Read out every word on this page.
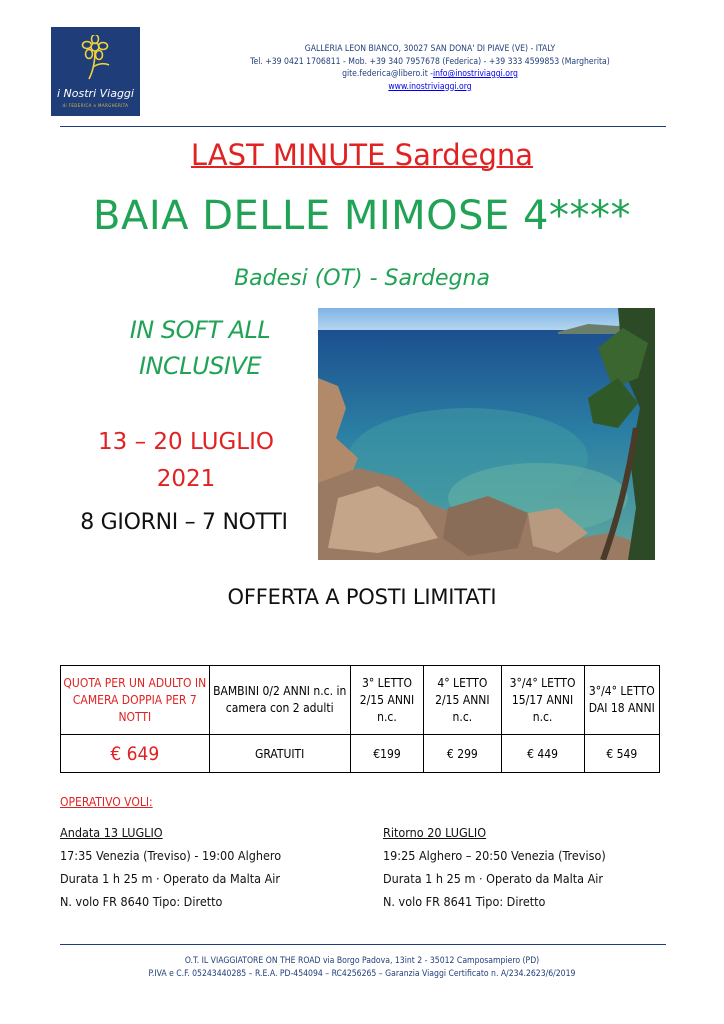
i Nostri Viaggi
di FEDERICA e MARGHERITA
GALLERIA LEON BIANCO, 30027 SAN DONA' DI PIAVE (VE) - ITALY
Tel. +39 0421 1706811 - Mob. +39 340 7957678 (Federica) - +39 333 4599853 (Margherita)
gite.federica@libero.it -info@inostriviaggi.org
www.inostriviaggi.org
LAST MINUTE Sardegna
BAIA DELLE MIMOSE 4****
Badesi (OT) - Sardegna
IN SOFT ALL
INCLUSIVE
13 – 20 LUGLIO
2021
8 GIORNI – 7 NOTTI
OFFERTA A POSTI LIMITATI
QUOTA PER UN ADULTO IN CAMERA DOPPIA PER 7 NOTTI	BAMBINI 0/2 ANNI n.c. in camera con 2 adulti	3° LETTO 2/15 ANNI n.c.	4° LETTO 2/15 ANNI n.c.	3°/4° LETTO 15/17 ANNI n.c.	3°/4° LETTO DAI 18 ANNI
€ 649	GRATUITI	€199	€ 299	€ 449	€ 549
OPERATIVO VOLI:
Andata 13 LUGLIO
17:35 Venezia (Treviso) - 19:00 Alghero
Durata 1 h 25 m · Operato da Malta Air
N. volo FR 8640 Tipo: Diretto
Ritorno 20 LUGLIO
19:25 Alghero – 20:50 Venezia (Treviso)
Durata 1 h 25 m · Operato da Malta Air
N. volo FR 8641 Tipo: Diretto
O.T. IL VIAGGIATORE ON THE ROAD via Borgo Padova, 13int 2 - 35012 Camposampiero (PD)
P.IVA e C.F. 05243440285 – R.E.A. PD-454094 – RC4256265 – Garanzia Viaggi Certificato n. A/234.2623/6/2019
